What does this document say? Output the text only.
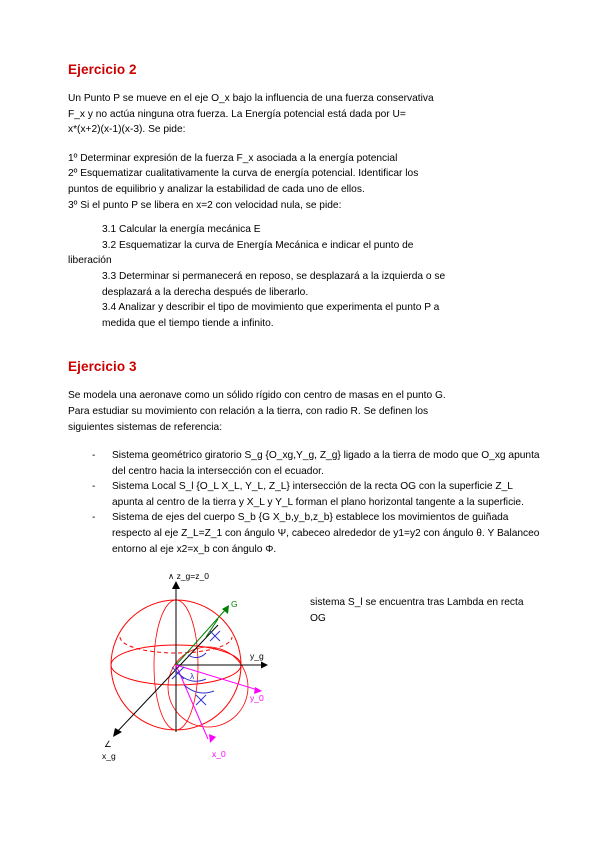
Ejercicio 2
Un Punto P se mueve en el eje O_x bajo la influencia de una fuerza conservativa
F_x y no actúa ninguna otra fuerza. La Energía potencial está dada por U=
x*(x+2)(x-1)(x-3). Se pide:
1º Determinar expresión de la fuerza F_x asociada a la energía potencial
2º Esquematizar cualitativamente la curva de energía potencial. Identificar los
puntos de equilibrio y analizar la estabilidad de cada uno de ellos.
3º Si el punto P se libera en x=2 con velocidad nula, se pide:
3.1 Calcular la energía mecánica E
3.2 Esquematizar la curva de Energía Mecánica e indicar el punto de
liberación
3.3 Determinar si permanecerá en reposo, se desplazará a la izquierda o se
desplazará a la derecha después de liberarlo.
3.4 Analizar y describir el tipo de movimiento que experimenta el punto P a
medida que el tiempo tiende a infinito.
Ejercicio 3
Se modela una aeronave como un sólido rígido con centro de masas en el punto G.
Para estudiar su movimiento con relación a la tierra, con radio R. Se definen los
siguientes sistemas de referencia:
- Sistema geométrico giratorio S_g {O_xg,Y_g, Z_g} ligado a la tierra de modo que O_xg apunta del centro hacia la intersección con el ecuador.
- Sistema Local S_l {O_L X_L, Y_L, Z_L} intersección de la recta OG con la superficie Z_L apunta al centro de la tierra y X_L y Y_L forman el plano horizontal tangente a la superficie.
- Sistema de ejes del cuerpo S_b {G X_b,y_b,z_b} establece los movimientos de guiñada respecto al eje Z_L=Z_1 con ángulo Ψ, cabeceo alrededor de y1=y2 con ángulo θ. Y Balanceo entorno al eje x2=x_b con ángulo Φ.
∧ z_g=z_0
G
y_g
y_0
∠
x_g	x_0
λ
sistema S_l se encuentra tras Lambda en recta OG
